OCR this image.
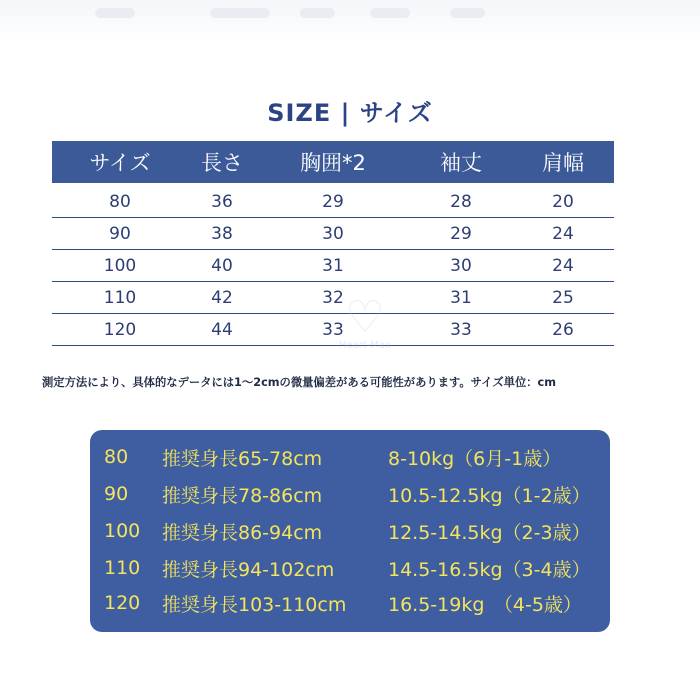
SIZE | サイズ
サイズ	長さ	胸囲*2	袖丈	肩幅
80	36	29	28	20
90	38	30	29	24
100	40	31	30	24
110	42	32	31	25
120	44	33	33	26
♡
Heart-Max
測定方法により、具体的なデータには1～2cmの微量偏差がある可能性があります。サイズ単位：cm
80	推奨身長65-78cm	8-10kg（6月-1歳）
90	推奨身長78-86cm	10.5-12.5kg（1-2歳）
100	推奨身長86-94cm	12.5-14.5kg（2-3歳）
110	推奨身長94-102cm	14.5-16.5kg（3-4歳）
120	推奨身長103-110cm	16.5-19kg　（4-5歳）
